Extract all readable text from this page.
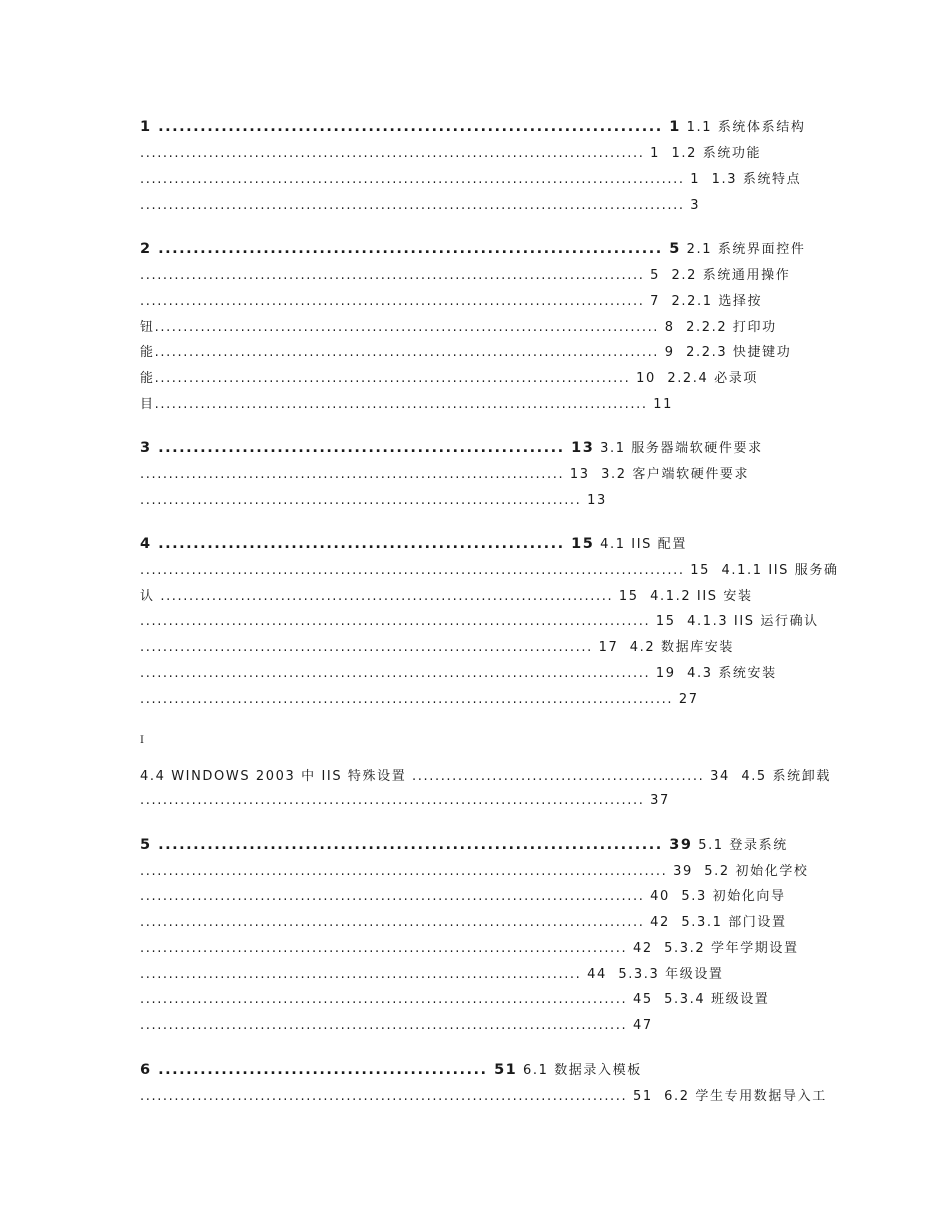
1 ........................................................................ 1 1.1 系统体系结构
........................................................................................ 1  1.2 系统功能
............................................................................................... 1  1.3 系统特点
............................................................................................... 3
2 ........................................................................ 5 2.1 系统界面控件
........................................................................................ 5  2.2 系统通用操作
........................................................................................ 7  2.2.1 选择按
钮........................................................................................ 8  2.2.2 打印功
能........................................................................................ 9  2.2.3 快捷键功
能................................................................................... 10  2.2.4 必录项
目...................................................................................... 11
3 .......................................................... 13 3.1 服务器端软硬件要求
.......................................................................... 13  3.2 客户端软硬件要求
............................................................................. 13
4 .......................................................... 15 4.1 IIS 配置
............................................................................................... 15  4.1.1 IIS 服务确
认 ............................................................................... 15  4.1.2 IIS 安装
......................................................................................... 15  4.1.3 IIS 运行确认
............................................................................... 17  4.2 数据库安装
......................................................................................... 19  4.3 系统安装
............................................................................................. 27
I
4.4 WINDOWS 2003 中 IIS 特殊设置 ................................................... 34  4.5 系统卸载
........................................................................................ 37
5 ........................................................................ 39 5.1 登录系统
............................................................................................ 39  5.2 初始化学校
........................................................................................ 40  5.3 初始化向导
........................................................................................ 42  5.3.1 部门设置
..................................................................................... 42  5.3.2 学年学期设置
............................................................................. 44  5.3.3 年级设置
..................................................................................... 45  5.3.4 班级设置
..................................................................................... 47
6 ............................................... 51 6.1 数据录入模板
..................................................................................... 51  6.2 学生专用数据导入工
